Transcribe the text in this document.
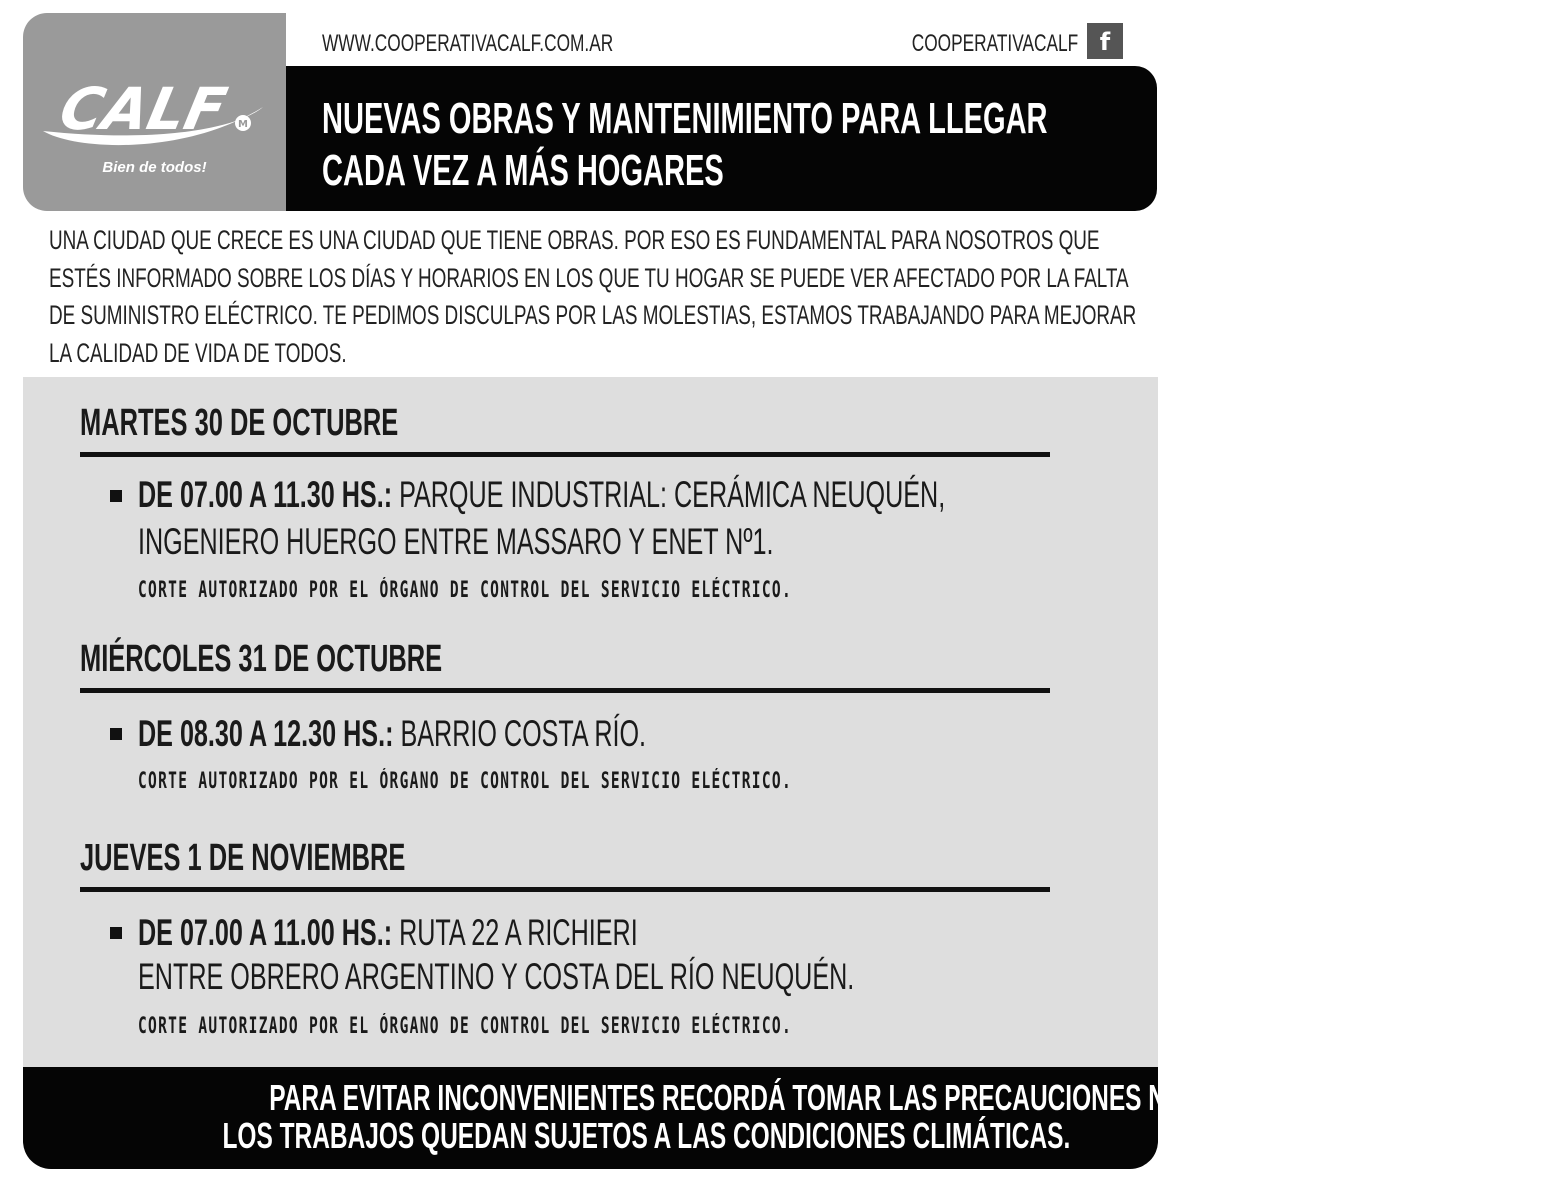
CALF M
Bien de todos!
WWW.COOPERATIVACALF.COM.AR	COOPERATIVACALF f
NUEVAS OBRAS Y MANTENIMIENTO PARA LLEGAR
CADA VEZ A MÁS HOGARES
UNA CIUDAD QUE CRECE ES UNA CIUDAD QUE TIENE OBRAS. POR ESO ES FUNDAMENTAL PARA NOSOTROS QUE
ESTÉS INFORMADO SOBRE LOS DÍAS Y HORARIOS EN LOS QUE TU HOGAR SE PUEDE VER AFECTADO POR LA FALTA
DE SUMINISTRO ELÉCTRICO. TE PEDIMOS DISCULPAS POR LAS MOLESTIAS, ESTAMOS TRABAJANDO PARA MEJORAR
LA CALIDAD DE VIDA DE TODOS.
MARTES 30 DE OCTUBRE
DE 07.00 A 11.30 HS.: PARQUE INDUSTRIAL: CERÁMICA NEUQUÉN,
INGENIERO HUERGO ENTRE MASSARO Y ENET Nº1.
CORTE AUTORIZADO POR EL ÓRGANO DE CONTROL DEL SERVICIO ELÉCTRICO.
MIÉRCOLES 31 DE OCTUBRE
DE 08.30 A 12.30 HS.: BARRIO COSTA RÍO.
CORTE AUTORIZADO POR EL ÓRGANO DE CONTROL DEL SERVICIO ELÉCTRICO.
JUEVES 1 DE NOVIEMBRE
DE 07.00 A 11.00 HS.: RUTA 22 A RICHIERI
ENTRE OBRERO ARGENTINO Y COSTA DEL RÍO NEUQUÉN.
CORTE AUTORIZADO POR EL ÓRGANO DE CONTROL DEL SERVICIO ELÉCTRICO.
PARA EVITAR INCONVENIENTES RECORDÁ TOMAR LAS PRECAUCIONES NECESARIAS.
LOS TRABAJOS QUEDAN SUJETOS A LAS CONDICIONES CLIMÁTICAS.
